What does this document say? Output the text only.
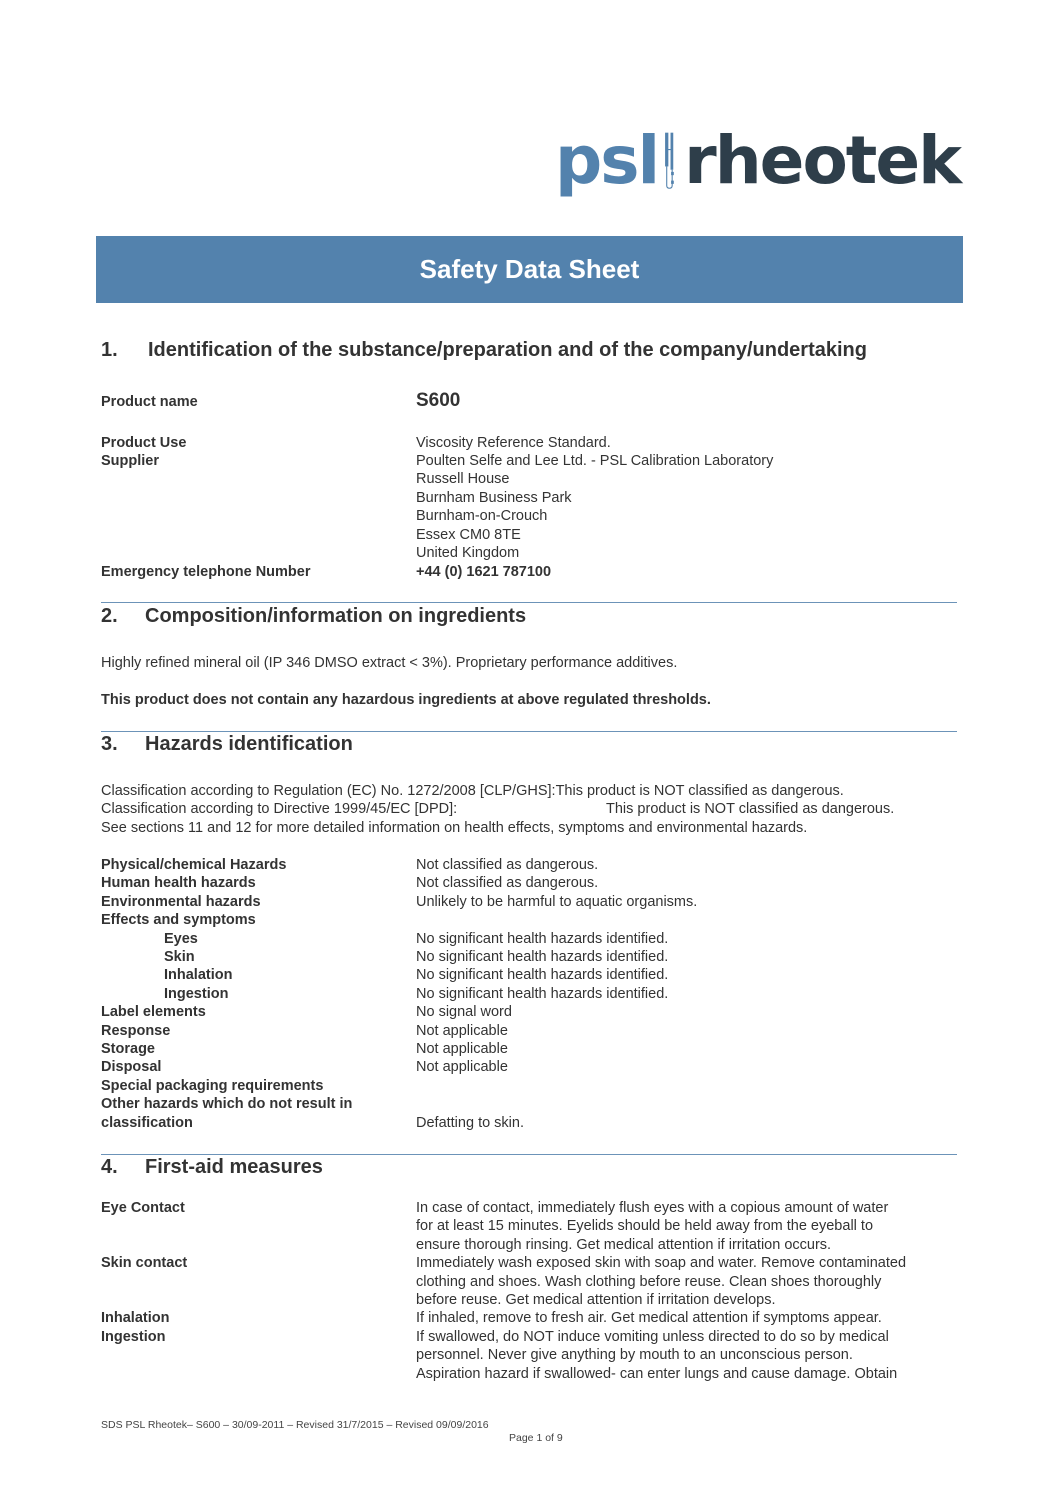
psl rheotek
Safety Data Sheet
1.	Identification of the substance/preparation and of the company/undertaking
Product name	S600
Product Use	Viscosity Reference Standard.
Supplier	Poulten Selfe and Lee Ltd. - PSL Calibration Laboratory
Russell House
Burnham Business Park
Burnham-on-Crouch
Essex CM0 8TE
United Kingdom
Emergency telephone Number	+44 (0) 1621 787100
2.	Composition/information on ingredients
Highly refined mineral oil (IP 346 DMSO extract < 3%). Proprietary performance additives.
This product does not contain any hazardous ingredients at above regulated thresholds.
3.	Hazards identification
Classification according to Regulation (EC) No. 1272/2008 [CLP/GHS]: This product is NOT classified as dangerous.
Classification according to Directive 1999/45/EC [DPD]:	This product is NOT classified as dangerous.
See sections 11 and 12 for more detailed information on health effects, symptoms and environmental hazards.
Physical/chemical Hazards	Not classified as dangerous.
Human health hazards	Not classified as dangerous.
Environmental hazards	Unlikely to be harmful to aquatic organisms.
Effects and symptoms
Eyes	No significant health hazards identified.
Skin	No significant health hazards identified.
Inhalation	No significant health hazards identified.
Ingestion	No significant health hazards identified.
Label elements	No signal word
Response	Not applicable
Storage	Not applicable
Disposal	Not applicable
Special packaging requirements
Other hazards which do not result in
classification	Defatting to skin.
4.	First-aid measures
Eye Contact	In case of contact, immediately flush eyes with a copious amount of water
for at least 15 minutes. Eyelids should be held away from the eyeball to
ensure thorough rinsing. Get medical attention if irritation occurs.
Skin contact	Immediately wash exposed skin with soap and water. Remove contaminated
clothing and shoes. Wash clothing before reuse. Clean shoes thoroughly
before reuse. Get medical attention if irritation develops.
Inhalation	If inhaled, remove to fresh air. Get medical attention if symptoms appear.
Ingestion	If swallowed, do NOT induce vomiting unless directed to do so by medical
personnel. Never give anything by mouth to an unconscious person.
Aspiration hazard if swallowed- can enter lungs and cause damage. Obtain
SDS PSL Rheotek– S600 – 30/09-2011 – Revised 31/7/2015 – Revised 09/09/2016
Page 1 of 9
